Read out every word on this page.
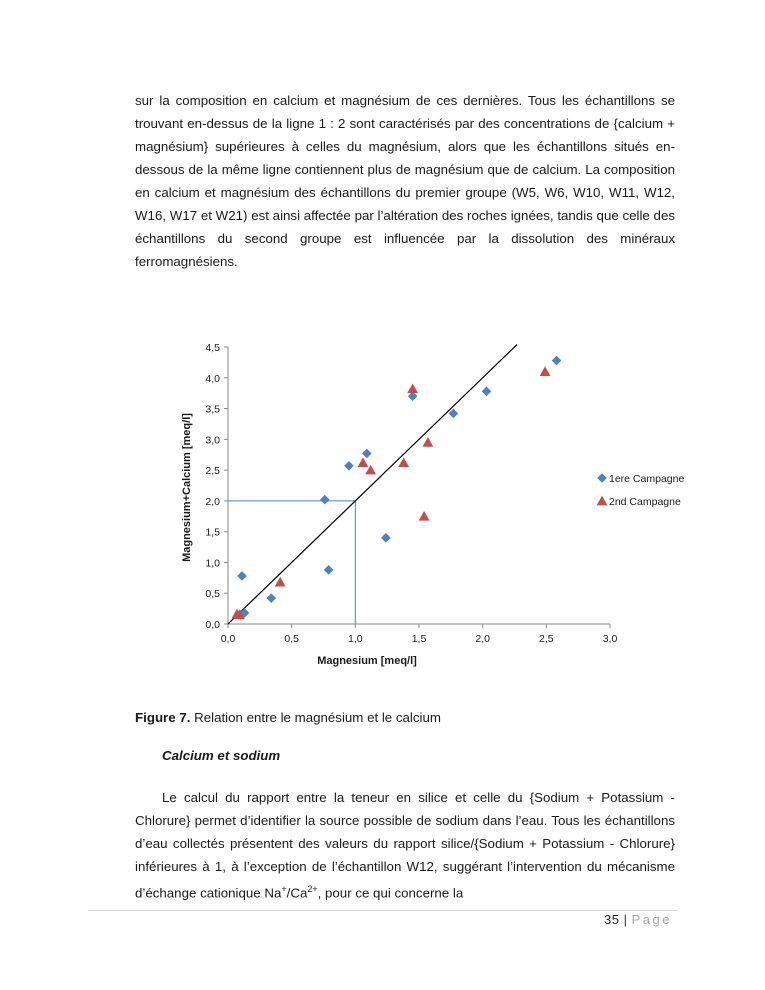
sur la composition en calcium et magnésium de ces dernières. Tous les échantillons se trouvant en-dessus de la ligne 1 : 2 sont caractérisés par des concentrations de {calcium + magnésium} supérieures à celles du magnésium, alors que les échantillons situés en-dessous de la même ligne contiennent plus de magnésium que de calcium. La composition en calcium et magnésium des échantillons du premier groupe (W5, W6, W10, W11, W12, W16, W17 et W21) est ainsi affectée par l’altération des roches ignées, tandis que celle des échantillons du second groupe est influencée par la dissolution des minéraux ferromagnésiens.

0,0	0,5	1,0	1,5	2,0	2,5	3,0
0,0
0,5
1,0
1,5
2,0
2,5
3,0
3,5
4,0
4,5
1ere Campagne
2nd Campagne
Magnesium [meq/l]
Magnesium+Calcium [meq/l]

Figure 7. Relation entre le magnésium et le calcium

Calcium et sodium

Le calcul du rapport entre la teneur en silice et celle du {Sodium + Potassium - Chlorure} permet d’identifier la source possible de sodium dans l’eau. Tous les échantillons d’eau collectés présentent des valeurs du rapport silice/{Sodium + Potassium - Chlorure} inférieures à 1, à l’exception de l’échantillon W12, suggérant l’intervention du mécanisme d’échange cationique $Na^+/Ca^{2+}$, pour ce qui concerne la

35 | Page
